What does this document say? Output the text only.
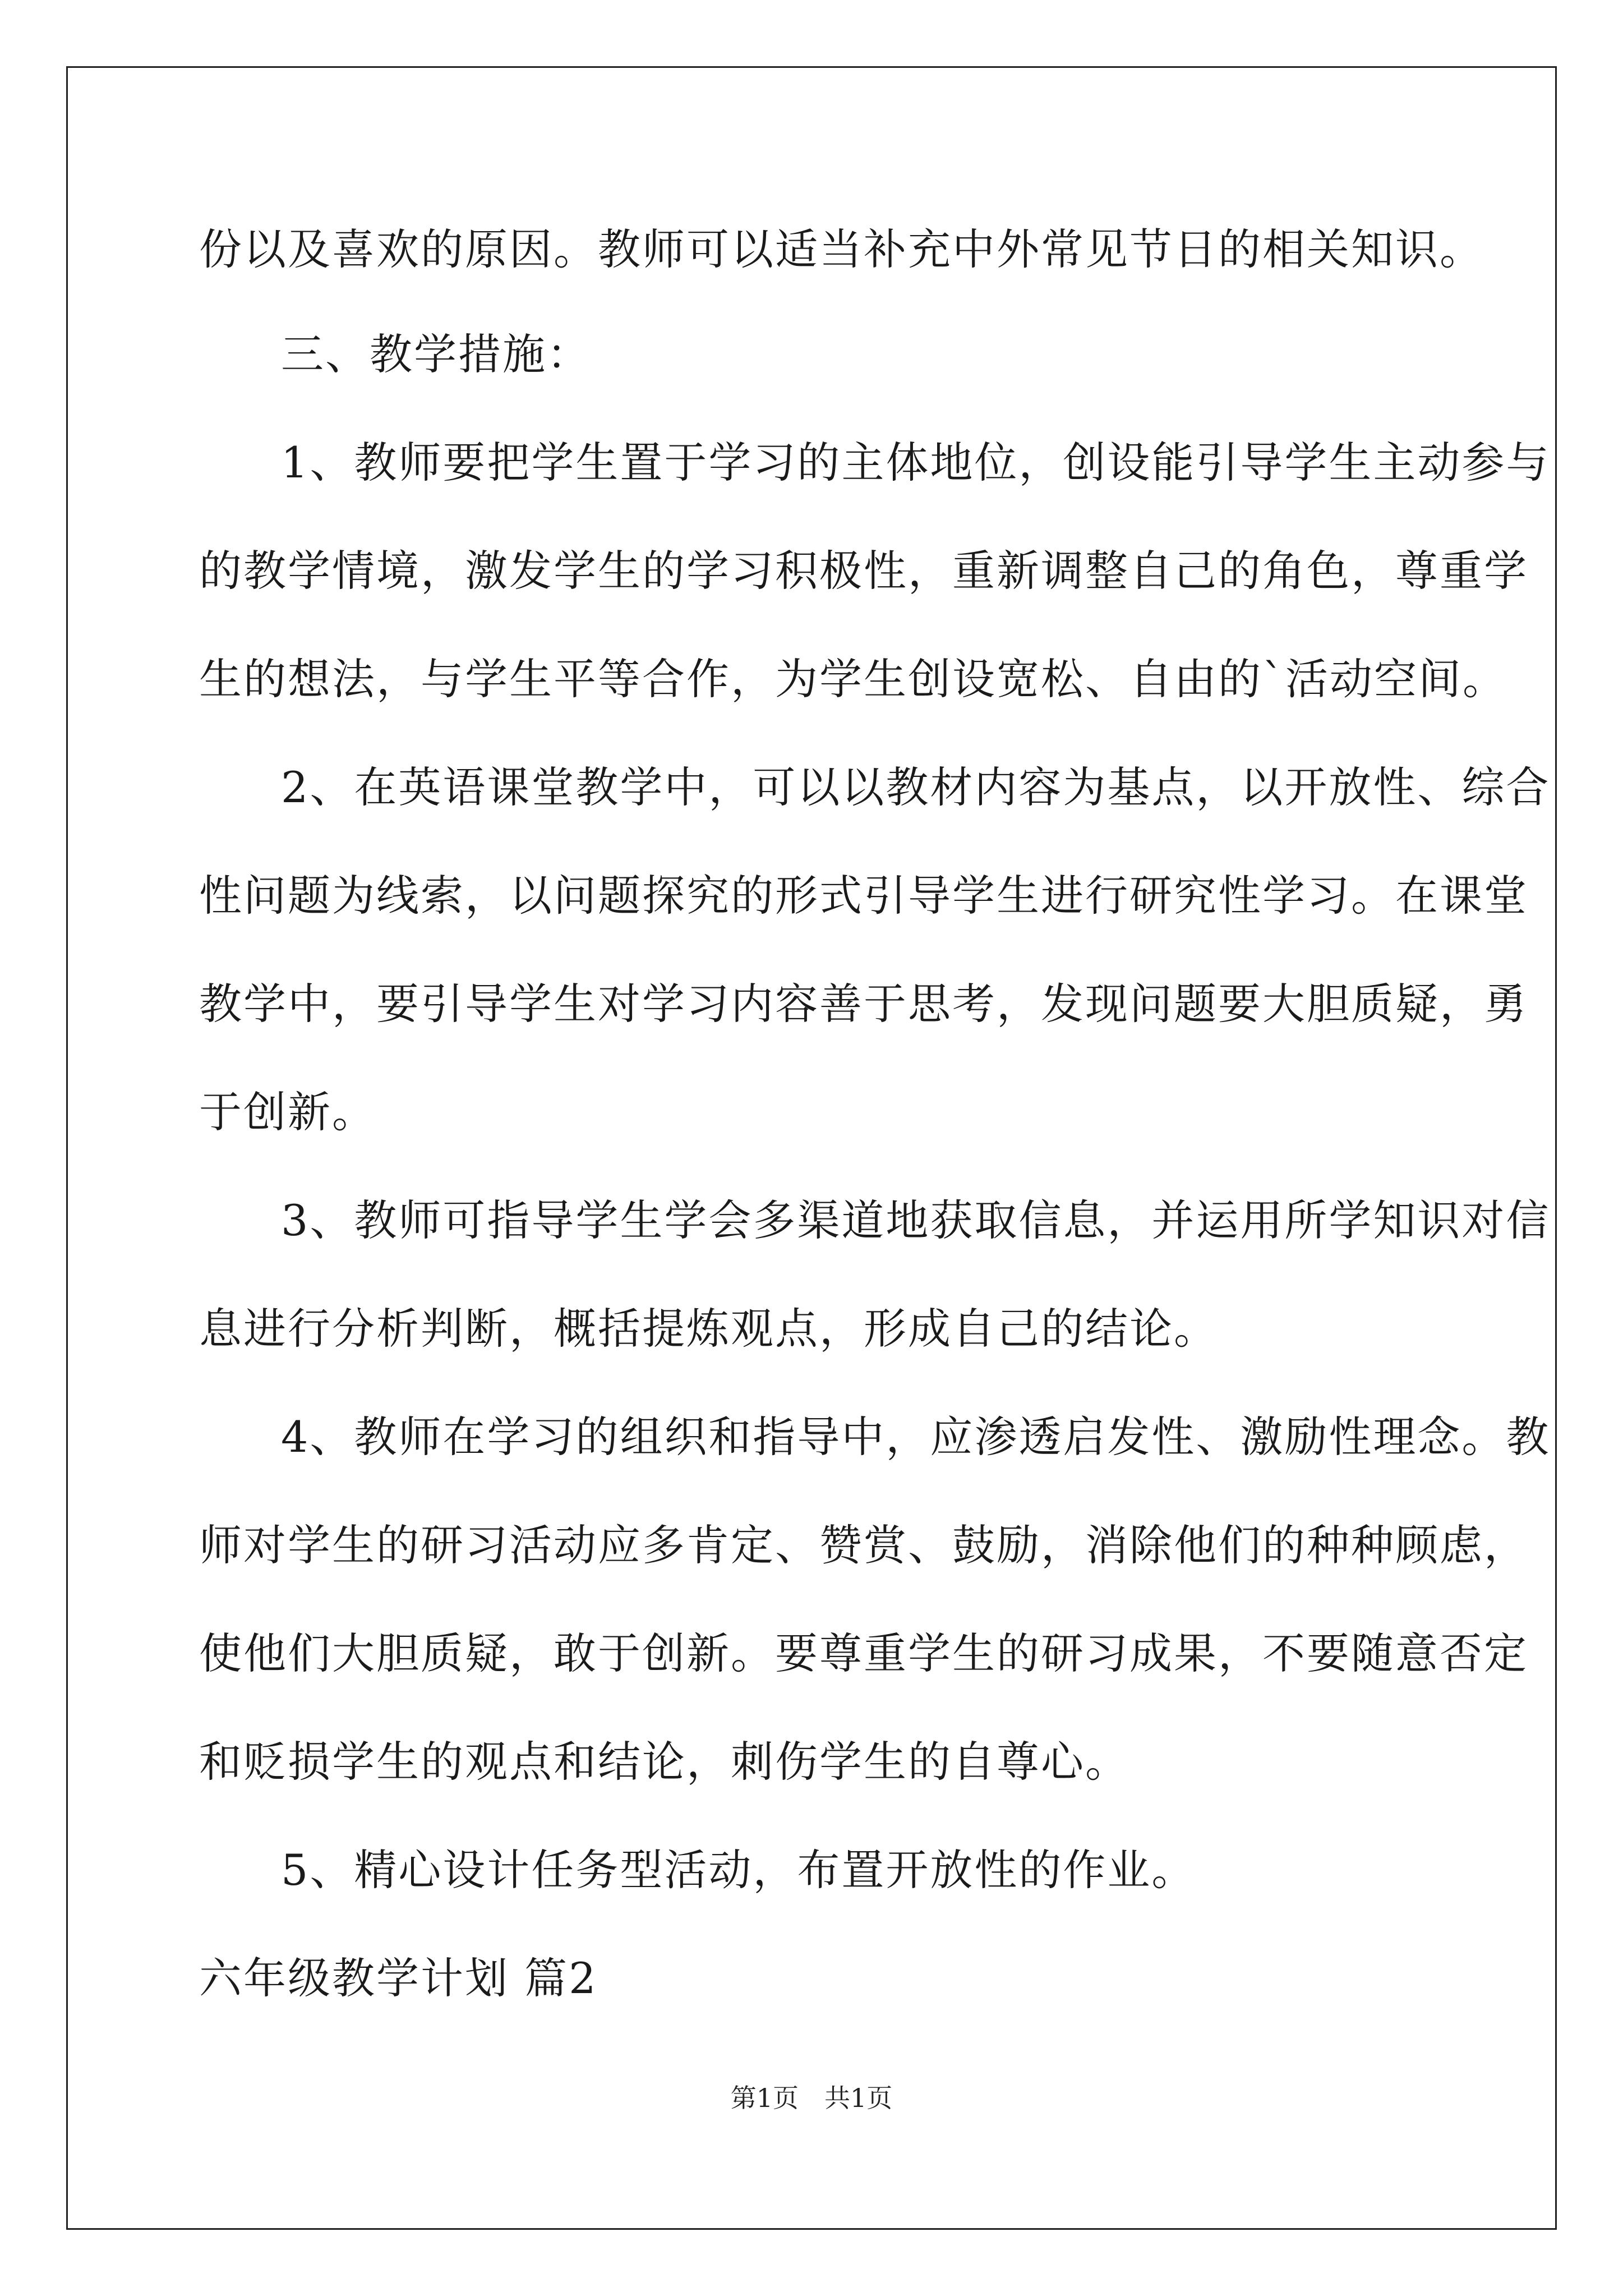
份以及喜欢的原因。教师可以适当补充中外常见节日的相关知识。
三、教学措施：
1、教师要把学生置于学习的主体地位，创设能引导学生主动参与
的教学情境，激发学生的学习积极性，重新调整自己的角色，尊重学
生的想法，与学生平等合作，为学生创设宽松、自由的`活动空间。
2、在英语课堂教学中，可以以教材内容为基点，以开放性、综合
性问题为线索，以问题探究的形式引导学生进行研究性学习。在课堂
教学中，要引导学生对学习内容善于思考，发现问题要大胆质疑，勇
于创新。
3、教师可指导学生学会多渠道地获取信息，并运用所学知识对信
息进行分析判断，概括提炼观点，形成自己的结论。
4、教师在学习的组织和指导中，应渗透启发性、激励性理念。教
师对学生的研习活动应多肯定、赞赏、鼓励，消除他们的种种顾虑，
使他们大胆质疑，敢于创新。要尊重学生的研习成果，不要随意否定
和贬损学生的观点和结论，刺伤学生的自尊心。
5、精心设计任务型活动，布置开放性的作业。
六年级教学计划 篇2
第1页　共1页
